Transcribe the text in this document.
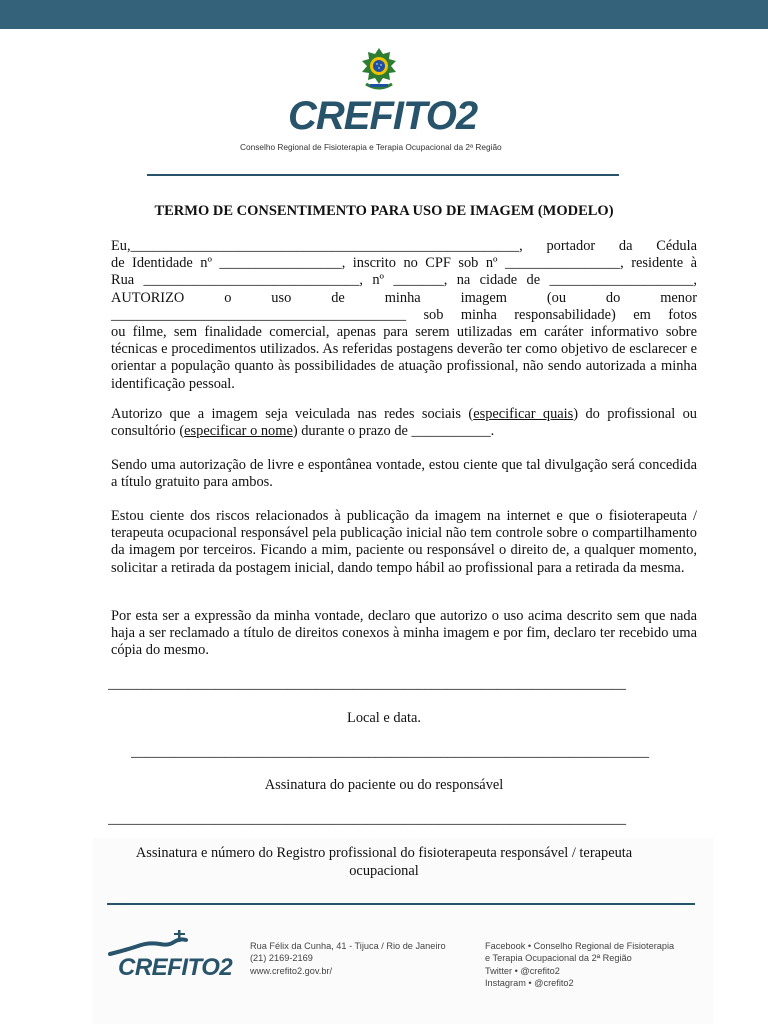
CREFITO2
Conselho Regional de Fisioterapia e Terapia Ocupacional da 2ª Região
TERMO DE CONSENTIMENTO PARA USO DE IMAGEM (MODELO)
Eu,______________________________________________________, portador da Cédula
de Identidade nº _________________, inscrito no CPF sob nº ________________, residente à
Rua ______________________________, nº _______, na cidade de ____________________,
AUTORIZO o uso de minha imagem (ou do menor
_________________________________________ sob minha responsabilidade) em fotos
ou filme, sem finalidade comercial, apenas para serem utilizadas em caráter informativo sobre técnicas e procedimentos utilizados. As referidas postagens deverão ter como objetivo de esclarecer e orientar a população quanto às possibilidades de atuação profissional, não sendo autorizada a minha identificação pessoal.
Autorizo que a imagem seja veiculada nas redes sociais (especificar quais) do profissional ou consultório (especificar o nome) durante o prazo de ___________.
Sendo uma autorização de livre e espontânea vontade, estou ciente que tal divulgação será concedida a título gratuito para ambos.
Estou ciente dos riscos relacionados à publicação da imagem na internet e que o fisioterapeuta / terapeuta ocupacional responsável pela publicação inicial não tem controle sobre o compartilhamento da imagem por terceiros. Ficando a mim, paciente ou responsável o direito de, a qualquer momento, solicitar a retirada da postagem inicial, dando tempo hábil ao profissional para a retirada da mesma.
Por esta ser a expressão da minha vontade, declaro que autorizo o uso acima descrito sem que nada haja a ser reclamado a título de direitos conexos à minha imagem e por fim, declaro ter recebido uma cópia do mesmo.
________________________________________________________________________
Local e data.
________________________________________________________________________
Assinatura do paciente ou do responsável
________________________________________________________________________
Assinatura e número do Registro profissional do fisioterapeuta responsável / terapeuta ocupacional
CREFITO2
Rua Félix da Cunha, 41 - Tijuca / Rio de Janeiro
(21) 2169-2169
www.crefito2.gov.br/
Facebook • Conselho Regional de Fisioterapia
e Terapia Ocupacional da 2ª Região
Twitter • @crefito2
Instagram • @crefito2
